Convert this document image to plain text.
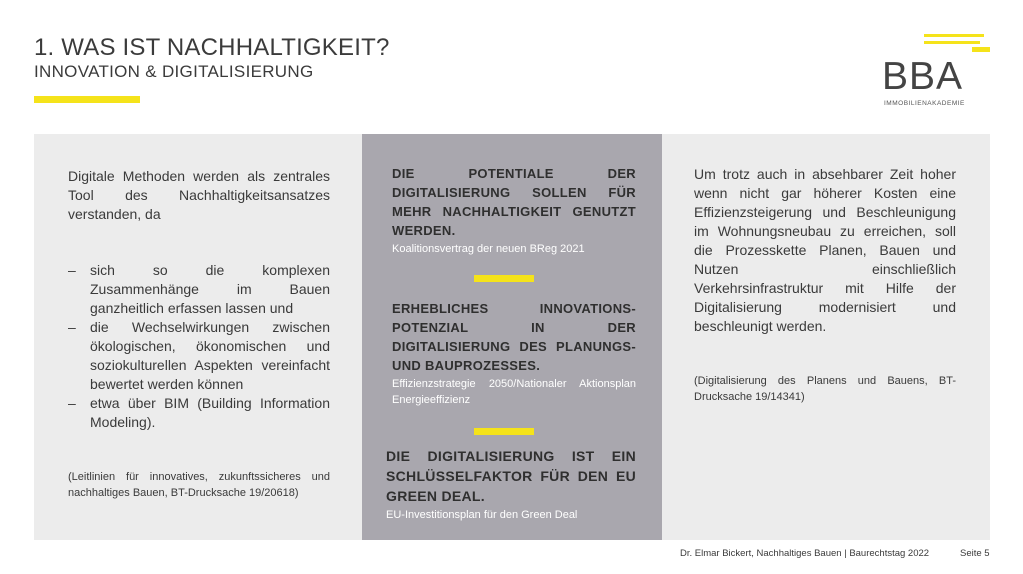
1. WAS IST NACHHALTIGKEIT?
INNOVATION & DIGITALISIERUNG	BBA
IMMOBILIENAKADEMIE
Digitale Methoden werden als zentrales Tool des Nachhaltigkeitsansatzes verstanden, da
– sich so die komplexen Zusammenhänge im Bauen ganzheitlich erfassen lassen und
– die Wechselwirkungen zwischen ökologischen, ökonomischen und soziokulturellen Aspekten vereinfacht bewertet werden können
– etwa über BIM (Building Information Modeling).
(Leitlinien für innovatives, zukunftssicheres und nachhaltiges Bauen, BT-Drucksache 19/20618)
DIE POTENTIALE DER DIGITALISIERUNG SOLLEN FÜR MEHR NACHHALTIGKEIT GENUTZT WERDEN.
Koalitionsvertrag der neuen BReg 2021
ERHEBLICHES INNOVATIONS-POTENZIAL IN DER DIGITALISIERUNG DES PLANUNGS- UND BAUPROZESSES.
Effizienzstrategie 2050/Nationaler Aktionsplan Energieeffizienz
DIE DIGITALISIERUNG IST EIN SCHLÜSSELFAKTOR FÜR DEN EU GREEN DEAL.
EU-Investitionsplan für den Green Deal
Um trotz auch in absehbarer Zeit hoher wenn nicht gar höherer Kosten eine Effizienzsteigerung und Beschleunigung im Wohnungsneubau zu erreichen, soll die Prozesskette Planen, Bauen und Nutzen einschließlich Verkehrsinfrastruktur mit Hilfe der Digitalisierung modernisiert und beschleunigt werden.
(Digitalisierung des Planens und Bauens, BT-Drucksache 19/14341)
Dr. Elmar Bickert, Nachhaltiges Bauen | Baurechtstag 2022	Seite 5
